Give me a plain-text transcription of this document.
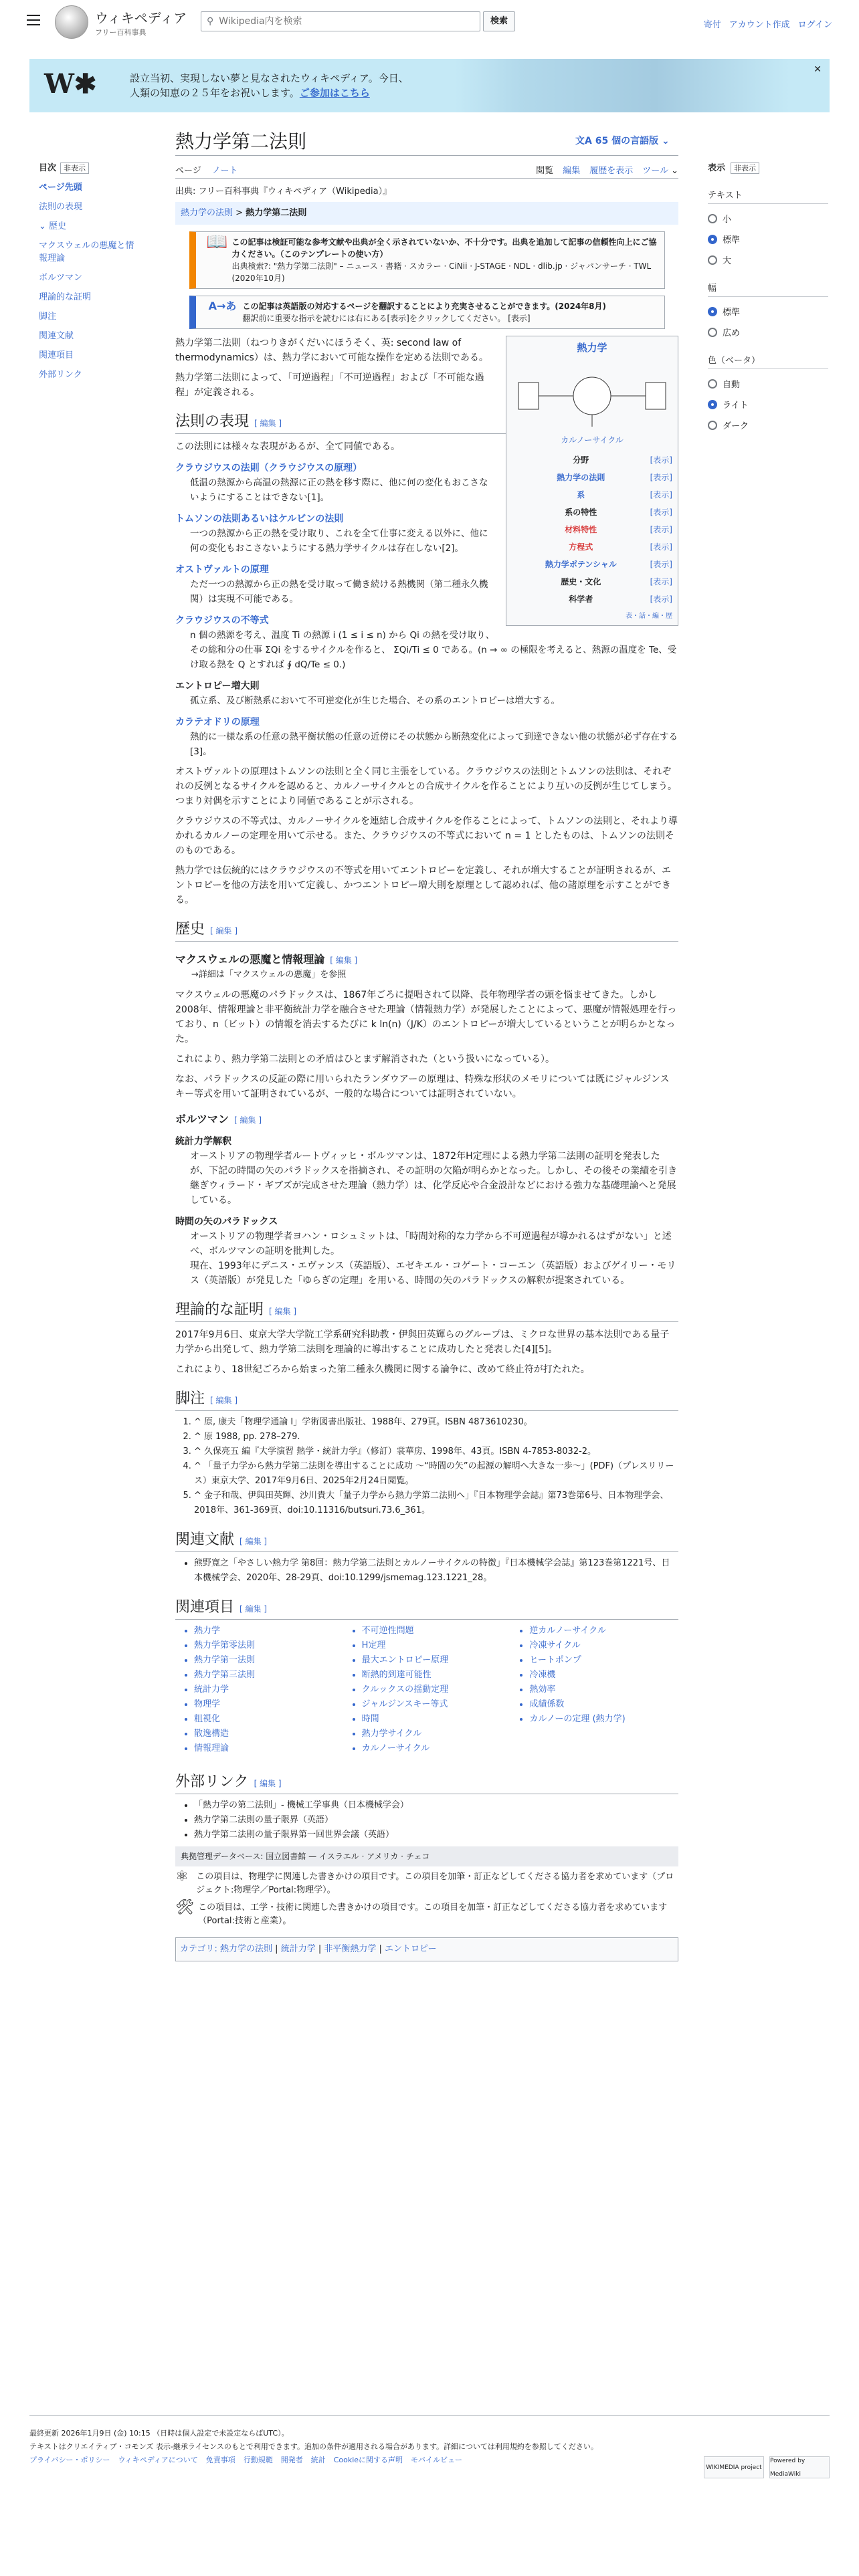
ウィキペディア
フリー百科事典
⚲
Wikipedia内を検索	検索	寄付 アカウント作成 ログイン
W✱	設立当初、実現しない夢と見なされたウィキペディア。今日、
人類の知恵の２５年をお祝いします。ご参加はこちら
✕
熱力学第二法則	文A 65 個の言語版 ⌄
ページ ノート	閲覧 編集 履歴を表示 ツール ⌄
目次 非表示
ページ先頭
法則の表現
⌄ 歴史
マクスウェルの悪魔と情報理論
ボルツマン
理論的な証明
脚注
関連文献
関連項目
外部リンク
表示 非表示
テキスト
小
標準
大
幅
標準
広め
色（ベータ）
自動
ライト
ダーク
出典: フリー百科事典『ウィキペディア（Wikipedia）』
熱力学の法則 > 熱力学第二法則
📖 この記事は検証可能な参考文献や出典が全く示されていないか、不十分です。出典を追加して記事の信頼性向上にご協力ください。（このテンプレートの使い方）
出典検索?: "熱力学第二法則" – ニュース · 書籍 · スカラー · CiNii · J-STAGE · NDL · dlib.jp · ジャパンサーチ · TWL (2020年10月)
A→あ この記事は英語版の対応するページを翻訳することにより充実させることができます。(2024年8月)
翻訳前に重要な指示を読むには右にある[表示]をクリックしてください。 [表示]
熱力学
カルノーサイクル
分野	[表示]
熱力学の法則	[表示]
系	[表示]
系の特性	[表示]
材料特性	[表示]
方程式	[表示]
熱力学ポテンシャル	[表示]
歴史・文化	[表示]
科学者	[表示]
表・話・編・歴

熱力学第二法則（ねつりきがくだいにほうそく、英: second law of thermodynamics）は、熱力学において可能な操作を定める法則である。

熱力学第二法則によって、「可逆過程」「不可逆過程」および「不可能な過程」が定義される。

法則の表現 [ 編集 ]

この法則には様々な表現があるが、全て同値である。

クラウジウスの法則（クラウジウスの原理）
低温の熱源から高温の熱源に正の熱を移す際に、他に何の変化もおこさないようにすることはできない[1]。
トムソンの法則あるいはケルビンの法則
一つの熱源から正の熱を受け取り、これを全て仕事に変える以外に、他に何の変化もおこさないようにする熱力学サイクルは存在しない[2]。
オストヴァルトの原理
ただ一つの熱源から正の熱を受け取って働き続ける熱機関（第二種永久機関）は実現不可能である。
クラウジウスの不等式
n 個の熱源を考え、温度 Ti の熱源 i (1 ≤ i ≤ n) から Qi の熱を受け取り、その総和分の仕事 ΣQi をするサイクルを作ると、 ΣQi/Ti ≤ 0 である。(n → ∞ の極限を考えると、熱源の温度を Te、受け取る熱を Q とすれば ∮ dQ/Te ≤ 0.)
エントロピー増大則
孤立系、及び断熱系において不可逆変化が生じた場合、その系のエントロピーは増大する。
カラテオドリの原理
熱的に一様な系の任意の熱平衡状態の任意の近傍にその状態から断熱変化によって到達できない他の状態が必ず存在する[3]。

オストヴァルトの原理はトムソンの法則と全く同じ主張をしている。クラウジウスの法則とトムソンの法則は、それぞれの反例となるサイクルを認めると、カルノーサイクルとの合成サイクルを作ることにより互いの反例が生じてしまう。つまり対偶を示すことにより同値であることが示される。

クラウジウスの不等式は、カルノーサイクルを連結し合成サイクルを作ることによって、トムソンの法則と、それより導かれるカルノーの定理を用いて示せる。また、クラウジウスの不等式において n = 1 としたものは、トムソンの法則そのものである。

熱力学では伝統的にはクラウジウスの不等式を用いてエントロピーを定義し、それが増大することが証明されるが、エントロピーを他の方法を用いて定義し、かつエントロピー増大則を原理として認めれば、他の諸原理を示すことができる。

歴史 [ 編集 ]
マクスウェルの悪魔と情報理論 [ 編集 ]
→詳細は「マクスウェルの悪魔」を参照

マクスウェルの悪魔のパラドックスは、1867年ごろに提唱されて以降、長年物理学者の頭を悩ませてきた。しかし2008年、情報理論と非平衡統計力学を融合させた理論（情報熱力学）が発展したことによって、悪魔が情報処理を行っており、n（ビット）の情報を消去するたびに k ln(n)（J/K）のエントロピーが増大しているということが明らかとなった。

これにより、熱力学第二法則との矛盾はひとまず解消された（という扱いになっている）。

なお、パラドックスの反証の際に用いられたランダウアーの原理は、特殊な形状のメモリについては既にジャルジンスキー等式を用いて証明されているが、一般的な場合については証明されていない。

ボルツマン [ 編集 ]
統計力学解釈
オーストリアの物理学者ルートヴィッヒ・ボルツマンは、1872年H定理による熱力学第二法則の証明を発表したが、下記の時間の矢のパラドックスを指摘され、その証明の欠陥が明らかとなった。しかし、その後その業績を引き継ぎウィラード・ギブズが完成させた理論（熱力学）は、化学反応や合金設計などにおける強力な基礎理論へと発展している。
時間の矢のパラドックス
オーストリアの物理学者ヨハン・ロシュミットは、「時間対称的な力学から不可逆過程が導かれるはずがない」と述べ、ボルツマンの証明を批判した。
現在、1993年にデニス・エヴァンス（英語版）、エゼキエル・コゲート・コーエン（英語版）およびゲイリー・モリス（英語版）が発見した「ゆらぎの定理」を用いる、時間の矢のパラドックスの解釈が提案されている。
理論的な証明 [ 編集 ]

2017年9月6日、東京大学大学院工学系研究科助教・伊與田英輝らのグループは、ミクロな世界の基本法則である量子力学から出発して、熱力学第二法則を理論的に導出することに成功したと発表した[4][5]。

これにより、18世紀ごろから始まった第二種永久機関に関する論争に、改めて終止符が打たれた。

脚注 [ 編集 ]
1. ^ 原, 康夫「物理学通論 I」学術図書出版社、1988年、279頁。ISBN 4873610230。
2. ^ 原 1988, pp. 278–279.
3. ^ 久保亮五 編『大学演習 熱学・統計力学』（修訂）裳華房、1998年、43頁。ISBN 4-7853-8032-2。
4. ^ 「量子力学から熱力学第二法則を導出することに成功 〜“時間の矢”の起源の解明へ大きな一歩〜」(PDF)（プレスリリース）東京大学、2017年9月6日、2025年2月24日閲覧。
5. ^ 金子和哉、伊與田英輝、沙川貴大「量子力学から熱力学第二法則へ」『日本物理学会誌』第73巻第6号、日本物理学会、2018年、361-369頁、doi:10.11316/butsuri.73.6_361。
関連文献 [ 編集 ]
• 熊野寛之「やさしい熱力学 第8回：熱力学第二法則とカルノーサイクルの特徴」『日本機械学会誌』第123巻第1221号、日本機械学会、2020年、28-29頁、doi:10.1299/jsmemag.123.1221_28。
関連項目 [ 編集 ]
• 熱力学
• 熱力学第零法則
• 熱力学第一法則
• 熱力学第三法則
• 統計力学
• 物理学
• 粗視化
• 散逸構造
• 情報理論
• 不可逆性問題
• H定理
• 最大エントロピー原理
• 断熱的到達可能性
• クルックスの揺動定理
• ジャルジンスキー等式
• 時間
• 熱力学サイクル
• カルノーサイクル
• 逆カルノーサイクル
• 冷凍サイクル
• ヒートポンプ
• 冷凍機
• 熱効率
• 成績係数
• カルノーの定理 (熱力学)
外部リンク [ 編集 ]
• 「熱力学の第二法則」- 機械工学事典（日本機械学会）
• 熱力学第二法則の量子限界（英語）
• 熱力学第二法則の量子限界第一回世界会議（英語）
典拠管理データベース: 国立図書館 — イスラエル · アメリカ · チェコ
⚛ この項目は、物理学に関連した書きかけの項目です。この項目を加筆・訂正などしてくださる協力者を求めています（プロジェクト:物理学／Portal:物理学）。
🛠 この項目は、工学・技術に関連した書きかけの項目です。この項目を加筆・訂正などしてくださる協力者を求めています（Portal:技術と産業）。
カテゴリ: 熱力学の法則 | 統計力学 | 非平衡熱力学 | エントロピー
最終更新 2026年1月9日 (金) 10:15 （日時は個人設定で未設定ならばUTC）。
テキストはクリエイティブ・コモンズ 表示-継承ライセンスのもとで利用できます。追加の条件が適用される場合があります。詳細については利用規約を参照してください。
プライバシー・ポリシー ウィキペディアについて 免責事項 行動規範 開発者 統計 Cookieに関する声明 モバイルビュー
WIKIMEDIA project
Powered by MediaWiki
